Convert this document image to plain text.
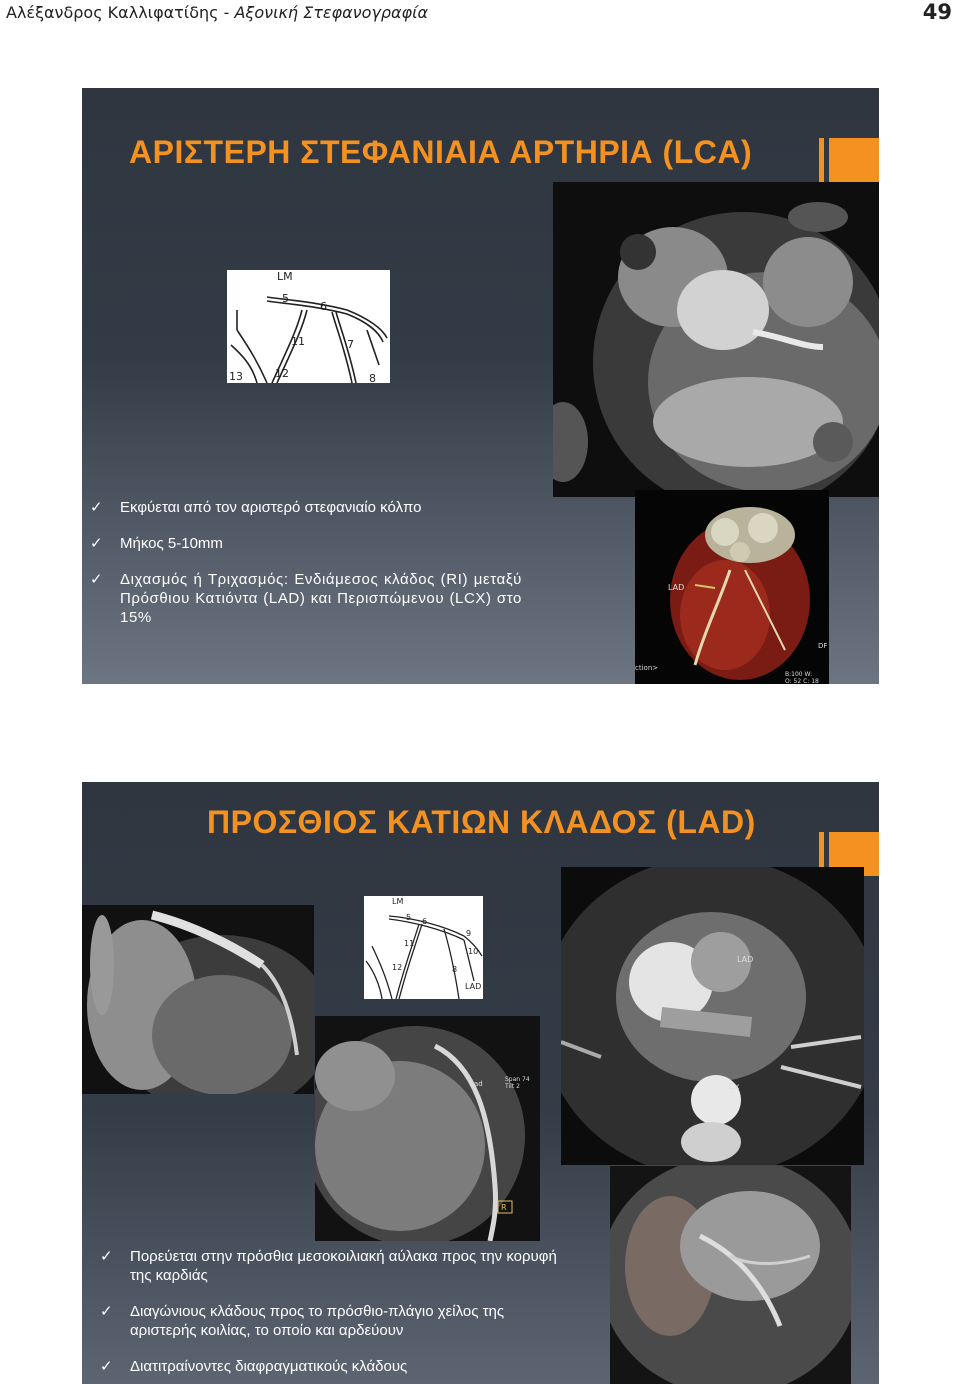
Αλέξανδρος Καλλιφατίδης - Αξονική Στεφανογραφία	49
ΑΡΙΣΤΕΡΗ ΣΤΕΦΑΝΙΑΙΑ ΑΡΤΗΡΙΑ (LCA)
LM
5
6
11	7
13	12	8
LAD
ction>
DF
B:100 W: O: 52 C: 18
✓ Εκφύεται από τον αριστερό στεφανιαίο κόλπο
✓ Μήκος 5-10mm
✓ Διχασμός ή Τριχασμός: Ενδιάμεσος κλάδος (RI) μεταξύ Πρόσθιου Κατιόντα (LAD) και Περισπώμενου (LCX) στο 15%
ΠΡΟΣΘΙΟΣ ΚΑΤΙΩΝ ΚΛΑΔΟΣ (LAD)
LM
5 6
11
9
10
12	8
LAD
Lad
Span 74 Tilt 2
R
LAD
Cx
✓ Πορεύεται στην πρόσθια μεσοκοιλιακή αύλακα προς την κορυφή της καρδιάς
✓ Διαγώνιους κλάδους προς το πρόσθιο-πλάγιο χείλος της αριστερής κοιλίας, το οποίο και αρδεύουν
✓ Διατιτραίνοντες διαφραγματικούς κλάδους
